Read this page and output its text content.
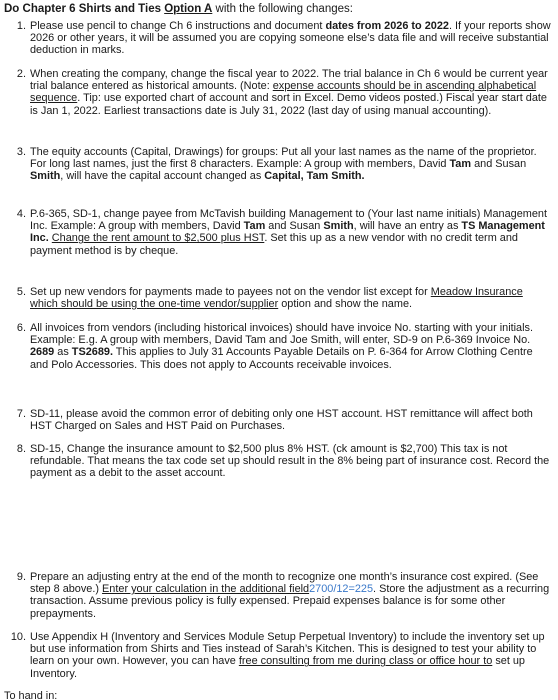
Do Chapter 6 Shirts and Ties Option A with the following changes:
1. Please use pencil to change Ch 6 instructions and document dates from 2026 to 2022. If your reports show 2026 or other years, it will be assumed you are copying someone else’s data file and will receive substantial deduction in marks.
2. When creating the company, change the fiscal year to 2022. The trial balance in Ch 6 would be current year trial balance entered as historical amounts. (Note: expense accounts should be in ascending alphabetical sequence. Tip: use exported chart of account and sort in Excel. Demo videos posted.) Fiscal year start date is Jan 1, 2022. Earliest transactions date is July 31, 2022 (last day of using manual accounting).
3. The equity accounts (Capital, Drawings) for groups: Put all your last names as the name of the proprietor. For long last names, just the first 8 characters. Example: A group with members, David Tam and Susan Smith, will have the capital account changed as Capital, Tam Smith.
4. P.6-365, SD-1, change payee from McTavish building Management to (Your last name initials) Management Inc. Example: A group with members, David Tam and Susan Smith, will have an entry as TS Management Inc. Change the rent amount to $2,500 plus HST. Set this up as a new vendor with no credit term and payment method is by cheque.
5. Set up new vendors for payments made to payees not on the vendor list except for Meadow Insurance which should be using the one-time vendor/supplier option and show the name.
6. All invoices from vendors (including historical invoices) should have invoice No. starting with your initials. Example: E.g. A group with members, David Tam and Joe Smith, will enter, SD-9 on P.6-369 Invoice No. 2689 as TS2689. This applies to July 31 Accounts Payable Details on P. 6-364 for Arrow Clothing Centre and Polo Accessories. This does not apply to Accounts receivable invoices.
7. SD-11, please avoid the common error of debiting only one HST account. HST remittance will affect both HST Charged on Sales and HST Paid on Purchases.
8. SD-15, Change the insurance amount to $2,500 plus 8% HST. (ck amount is $2,700) This tax is not refundable. That means the tax code set up should result in the 8% being part of insurance cost. Record the payment as a debit to the asset account.
9. Prepare an adjusting entry at the end of the month to recognize one month’s insurance cost expired. (See step 8 above.) Enter your calculation in the additional field2700/12=225. Store the adjustment as a recurring transaction. Assume previous policy is fully expensed. Prepaid expenses balance is for some other prepayments.
10. Use Appendix H (Inventory and Services Module Setup Perpetual Inventory) to include the inventory set up but use information from Shirts and Ties instead of Sarah’s Kitchen. This is designed to test your ability to learn on your own. However, you can have free consulting from me during class or office hour to set up Inventory.
To hand in:
